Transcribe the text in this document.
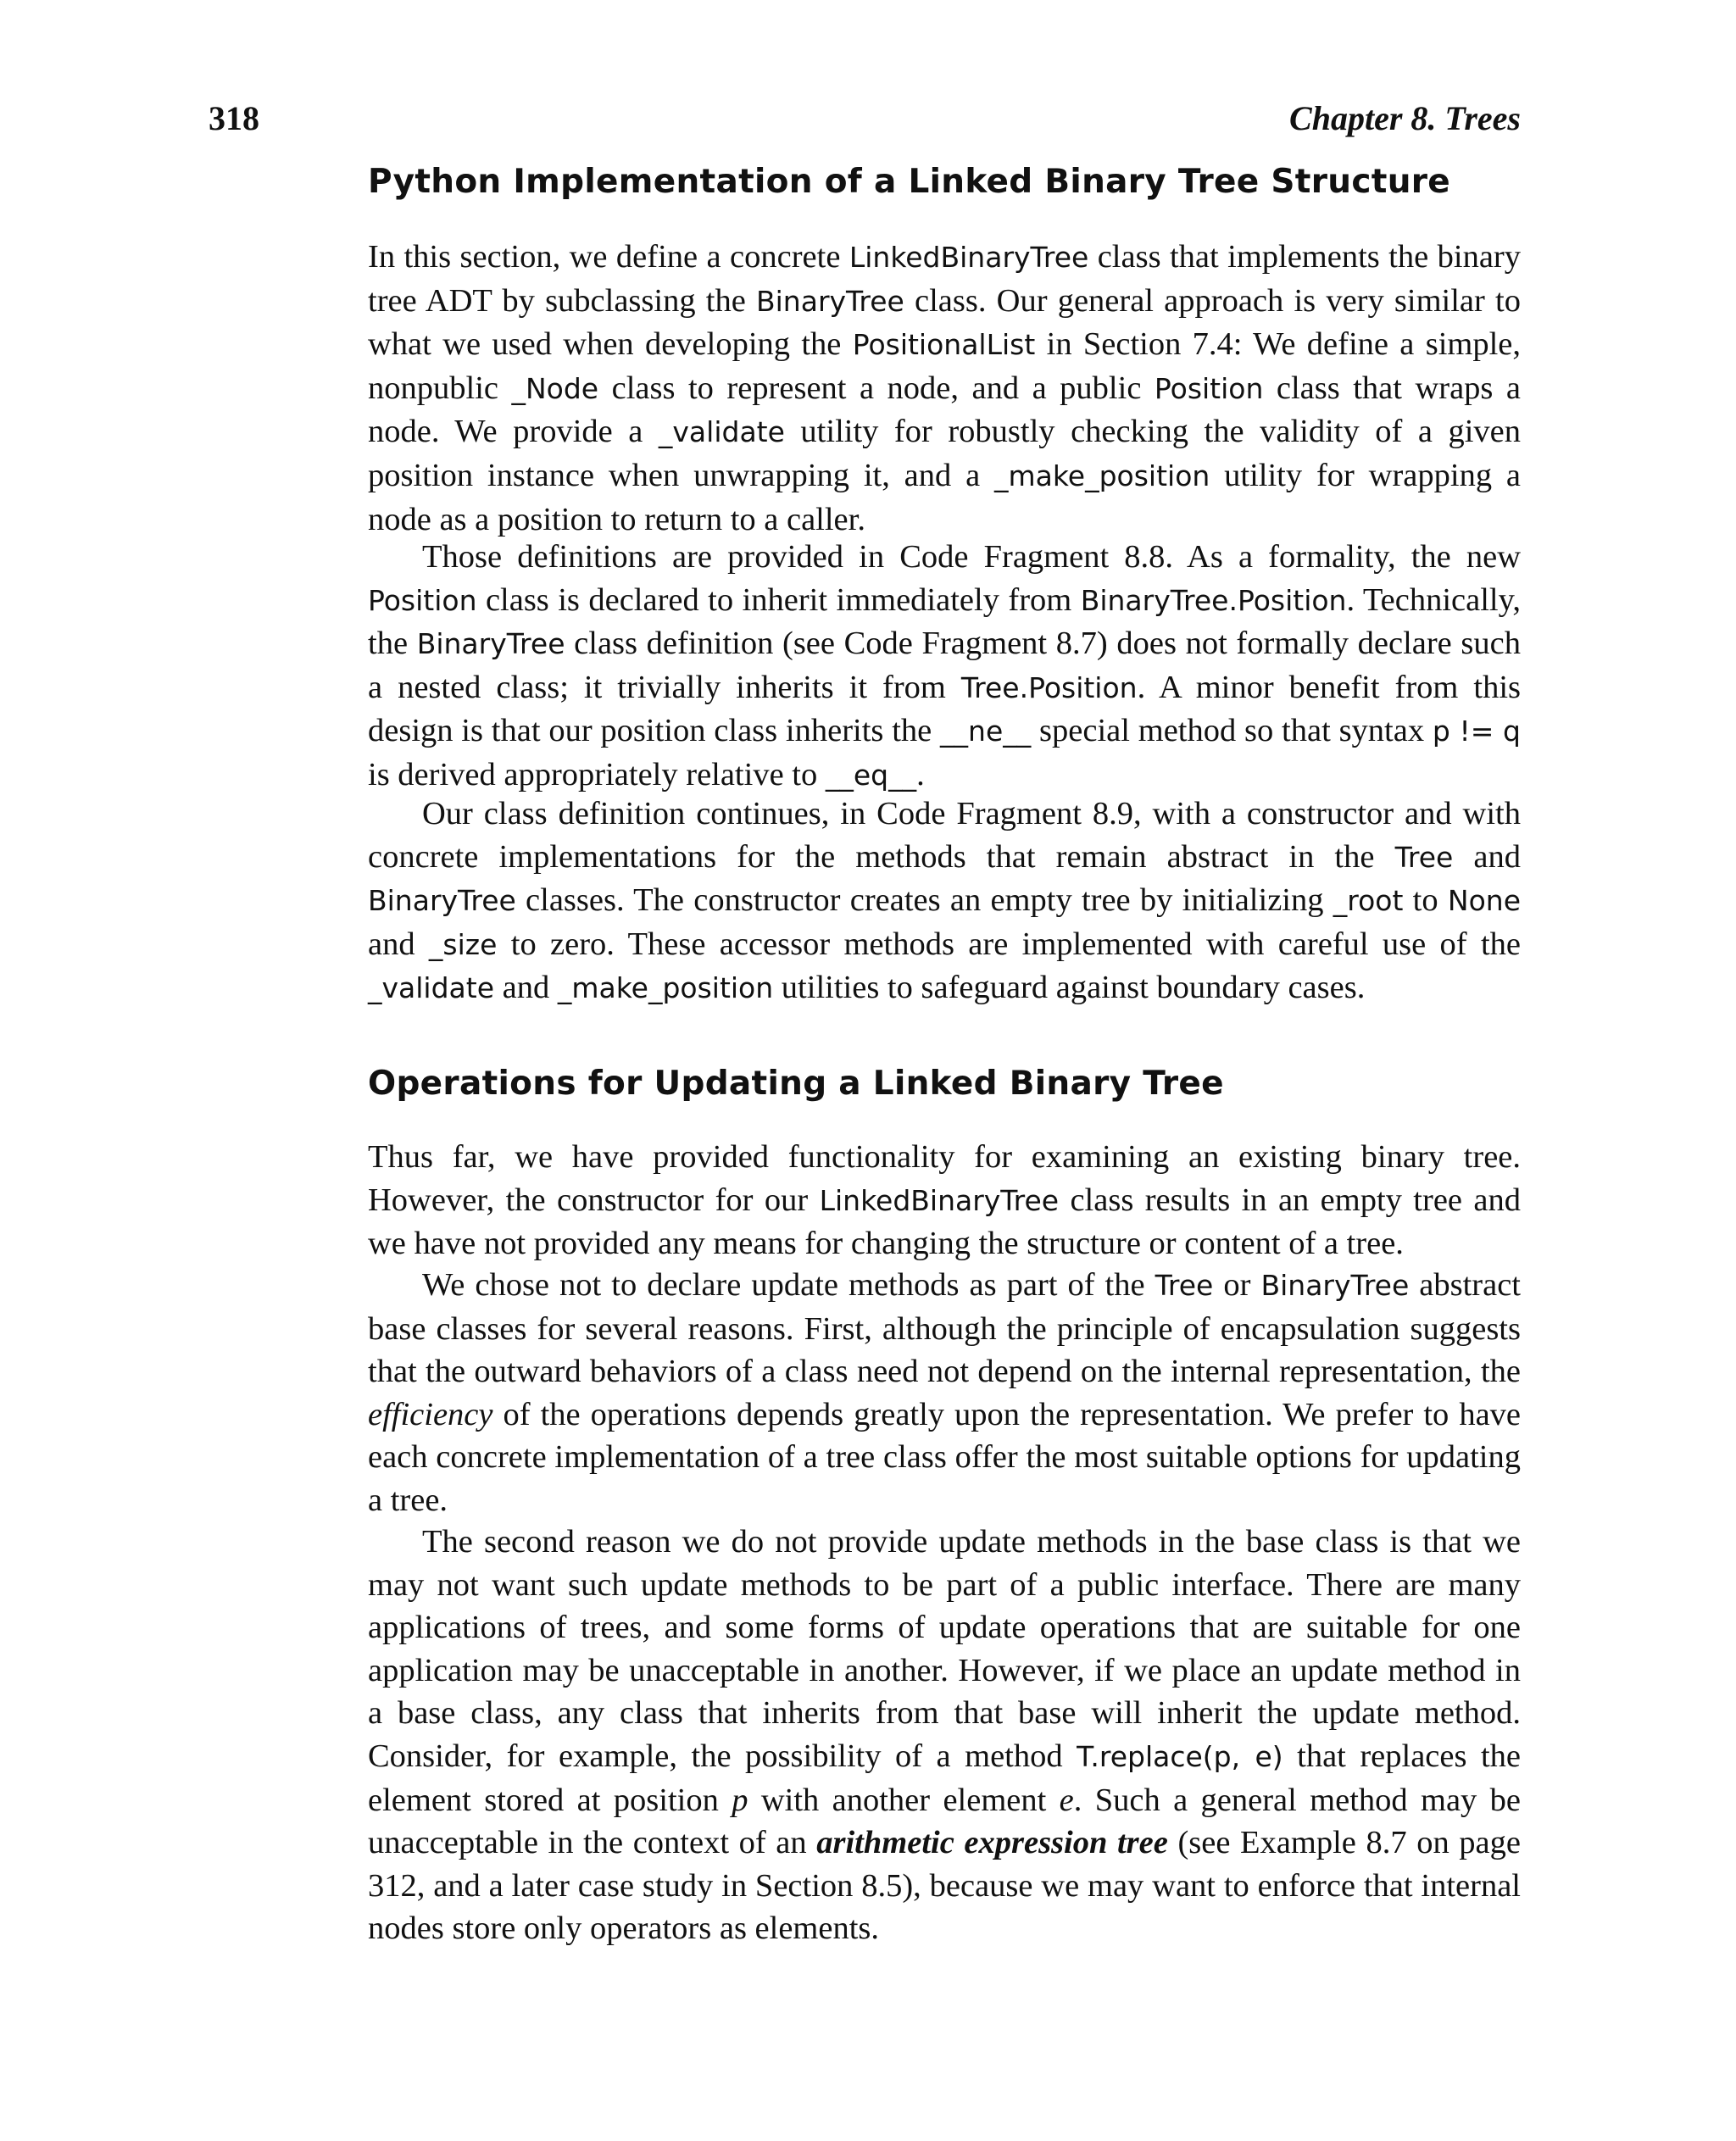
318	Chapter 8. Trees
Python Implementation of a Linked Binary Tree Structure

In this section, we define a concrete LinkedBinaryTree class that implements the binary tree ADT by subclassing the BinaryTree class. Our general approach is very similar to what we used when developing the PositionalList in Section 7.4: We define a simple, nonpublic _Node class to represent a node, and a public Position class that wraps a node. We provide a _validate utility for robustly checking the validity of a given position instance when unwrapping it, and a _make_position utility for wrapping a node as a position to return to a caller.

Those definitions are provided in Code Fragment 8.8. As a formality, the new Position class is declared to inherit immediately from BinaryTree.Position. Technically, the BinaryTree class definition (see Code Fragment 8.7) does not formally declare such a nested class; it trivially inherits it from Tree.Position. A minor benefit from this design is that our position class inherits the __ne__ special method so that syntax p != q is derived appropriately relative to __eq__.

Our class definition continues, in Code Fragment 8.9, with a constructor and with concrete implementations for the methods that remain abstract in the Tree and BinaryTree classes. The constructor creates an empty tree by initializing _root to None and _size to zero. These accessor methods are implemented with careful use of the _validate and _make_position utilities to safeguard against boundary cases.

Operations for Updating a Linked Binary Tree

Thus far, we have provided functionality for examining an existing binary tree. However, the constructor for our LinkedBinaryTree class results in an empty tree and we have not provided any means for changing the structure or content of a tree.

We chose not to declare update methods as part of the Tree or BinaryTree abstract base classes for several reasons. First, although the principle of encapsulation suggests that the outward behaviors of a class need not depend on the internal representation, the efficiency of the operations depends greatly upon the representation. We prefer to have each concrete implementation of a tree class offer the most suitable options for updating a tree.

The second reason we do not provide update methods in the base class is that we may not want such update methods to be part of a public interface. There are many applications of trees, and some forms of update operations that are suitable for one application may be unacceptable in another. However, if we place an update method in a base class, any class that inherits from that base will inherit the update method. Consider, for example, the possibility of a method T.replace(p, e) that replaces the element stored at position p with another element e. Such a general method may be unacceptable in the context of an arithmetic expression tree (see Example 8.7 on page 312, and a later case study in Section 8.5), because we may want to enforce that internal nodes store only operators as elements.
